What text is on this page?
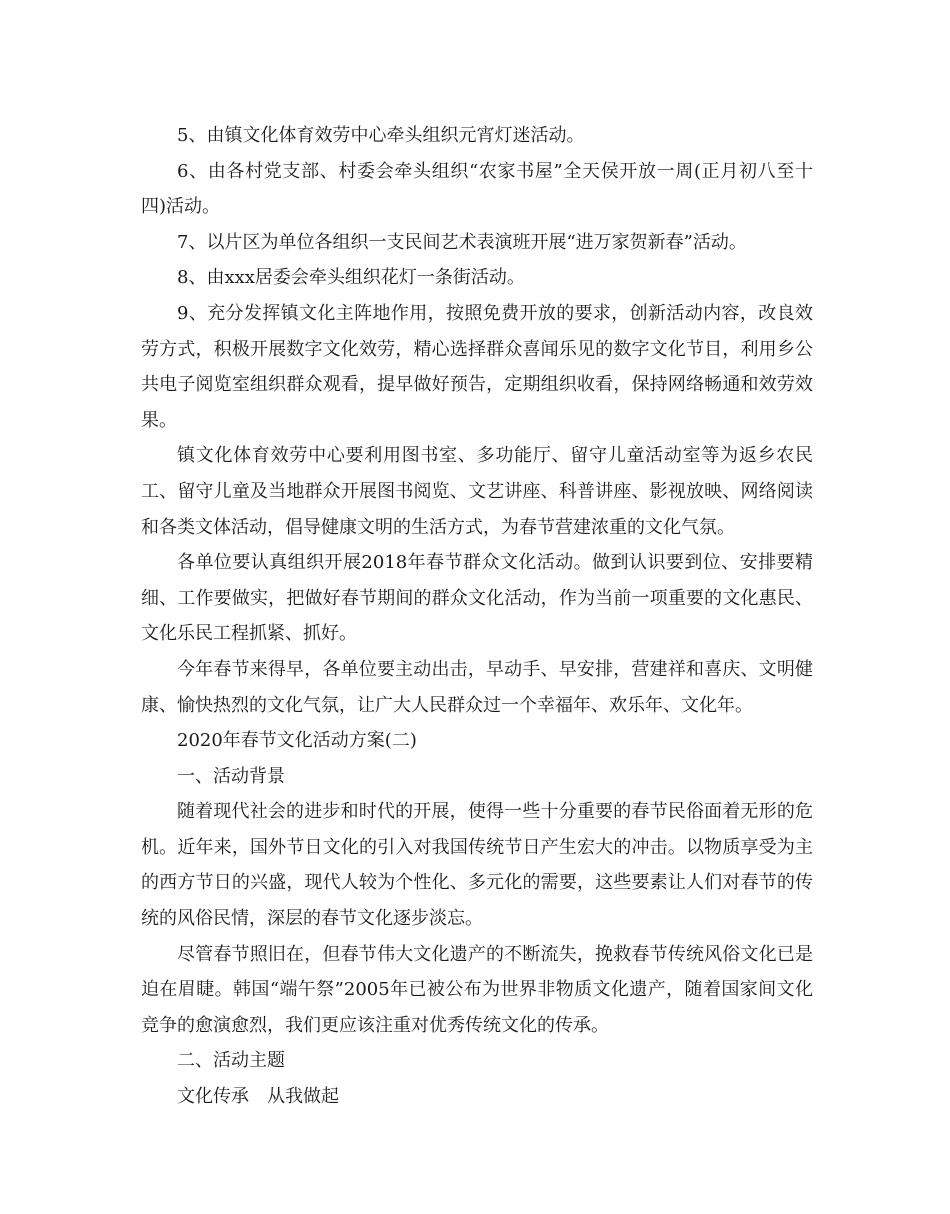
5、由镇文化体育效劳中心牵头组织元宵灯迷活动。

6、由各村党支部、村委会牵头组织“农家书屋”全天侯开放一周(正月初八至十四)活动。

7、以片区为单位各组织一支民间艺术表演班开展“进万家贺新春”活动。

8、由xxx居委会牵头组织花灯一条街活动。

9、充分发挥镇文化主阵地作用，按照免费开放的要求，创新活动内容，改良效劳方式，积极开展数字文化效劳，精心选择群众喜闻乐见的数字文化节目，利用乡公共电子阅览室组织群众观看，提早做好预告，定期组织收看，保持网络畅通和效劳效果。

镇文化体育效劳中心要利用图书室、多功能厅、留守儿童活动室等为返乡农民工、留守儿童及当地群众开展图书阅览、文艺讲座、科普讲座、影视放映、网络阅读和各类文体活动，倡导健康文明的生活方式，为春节营建浓重的文化气氛。

各单位要认真组织开展2018年春节群众文化活动。做到认识要到位、安排要精细、工作要做实，把做好春节期间的群众文化活动，作为当前一项重要的文化惠民、文化乐民工程抓紧、抓好。

今年春节来得早，各单位要主动出击，早动手、早安排，营建祥和喜庆、文明健康、愉快热烈的文化气氛，让广大人民群众过一个幸福年、欢乐年、文化年。

2020年春节文化活动方案(二)

一、活动背景

随着现代社会的进步和时代的开展，使得一些十分重要的春节民俗面着无形的危机。近年来，国外节日文化的引入对我国传统节日产生宏大的冲击。以物质享受为主的西方节日的兴盛，现代人较为个性化、多元化的需要，这些要素让人们对春节的传统的风俗民情，深层的春节文化逐步淡忘。

尽管春节照旧在，但春节伟大文化遗产的不断流失，挽救春节传统风俗文化已是迫在眉睫。韩国“端午祭”2005年已被公布为世界非物质文化遗产，随着国家间文化竞争的愈演愈烈，我们更应该注重对优秀传统文化的传承。

二、活动主题

文化传承　从我做起
